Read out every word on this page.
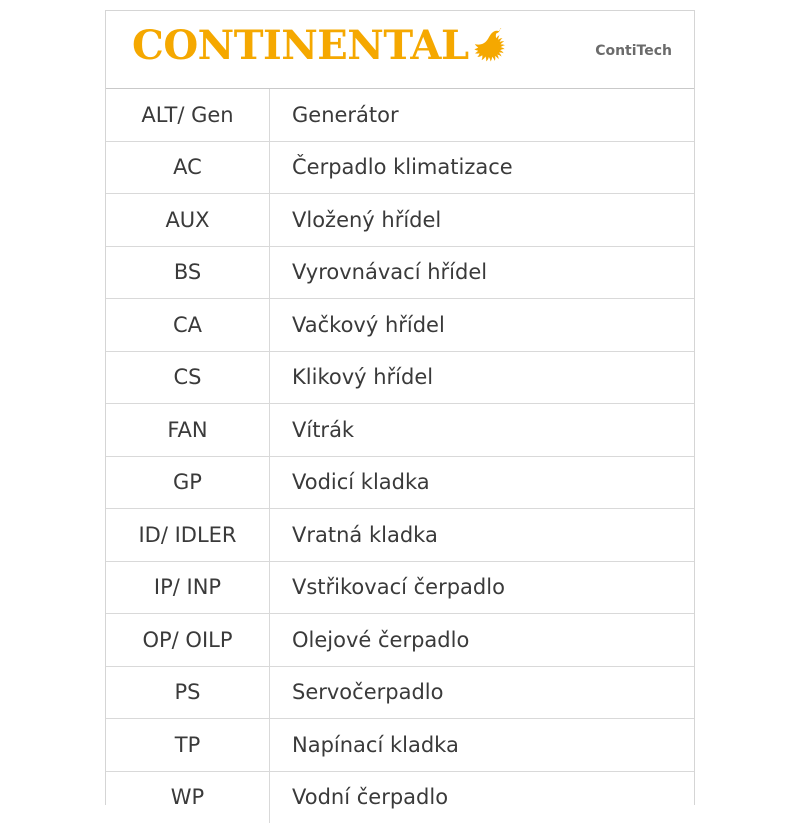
CONTINENTAL	ContiTech
ALT/ Gen	Generátor
AC	Čerpadlo klimatizace
AUX	Vložený hřídel
BS	Vyrovnávací hřídel
CA	Vačkový hřídel
CS	Klikový hřídel
FAN	Vítrák
GP	Vodicí kladka
ID/ IDLER	Vratná kladka
IP/ INP	Vstřikovací čerpadlo
OP/ OILP	Olejové čerpadlo
PS	Servočerpadlo
TP	Napínací kladka
WP	Vodní čerpadlo
